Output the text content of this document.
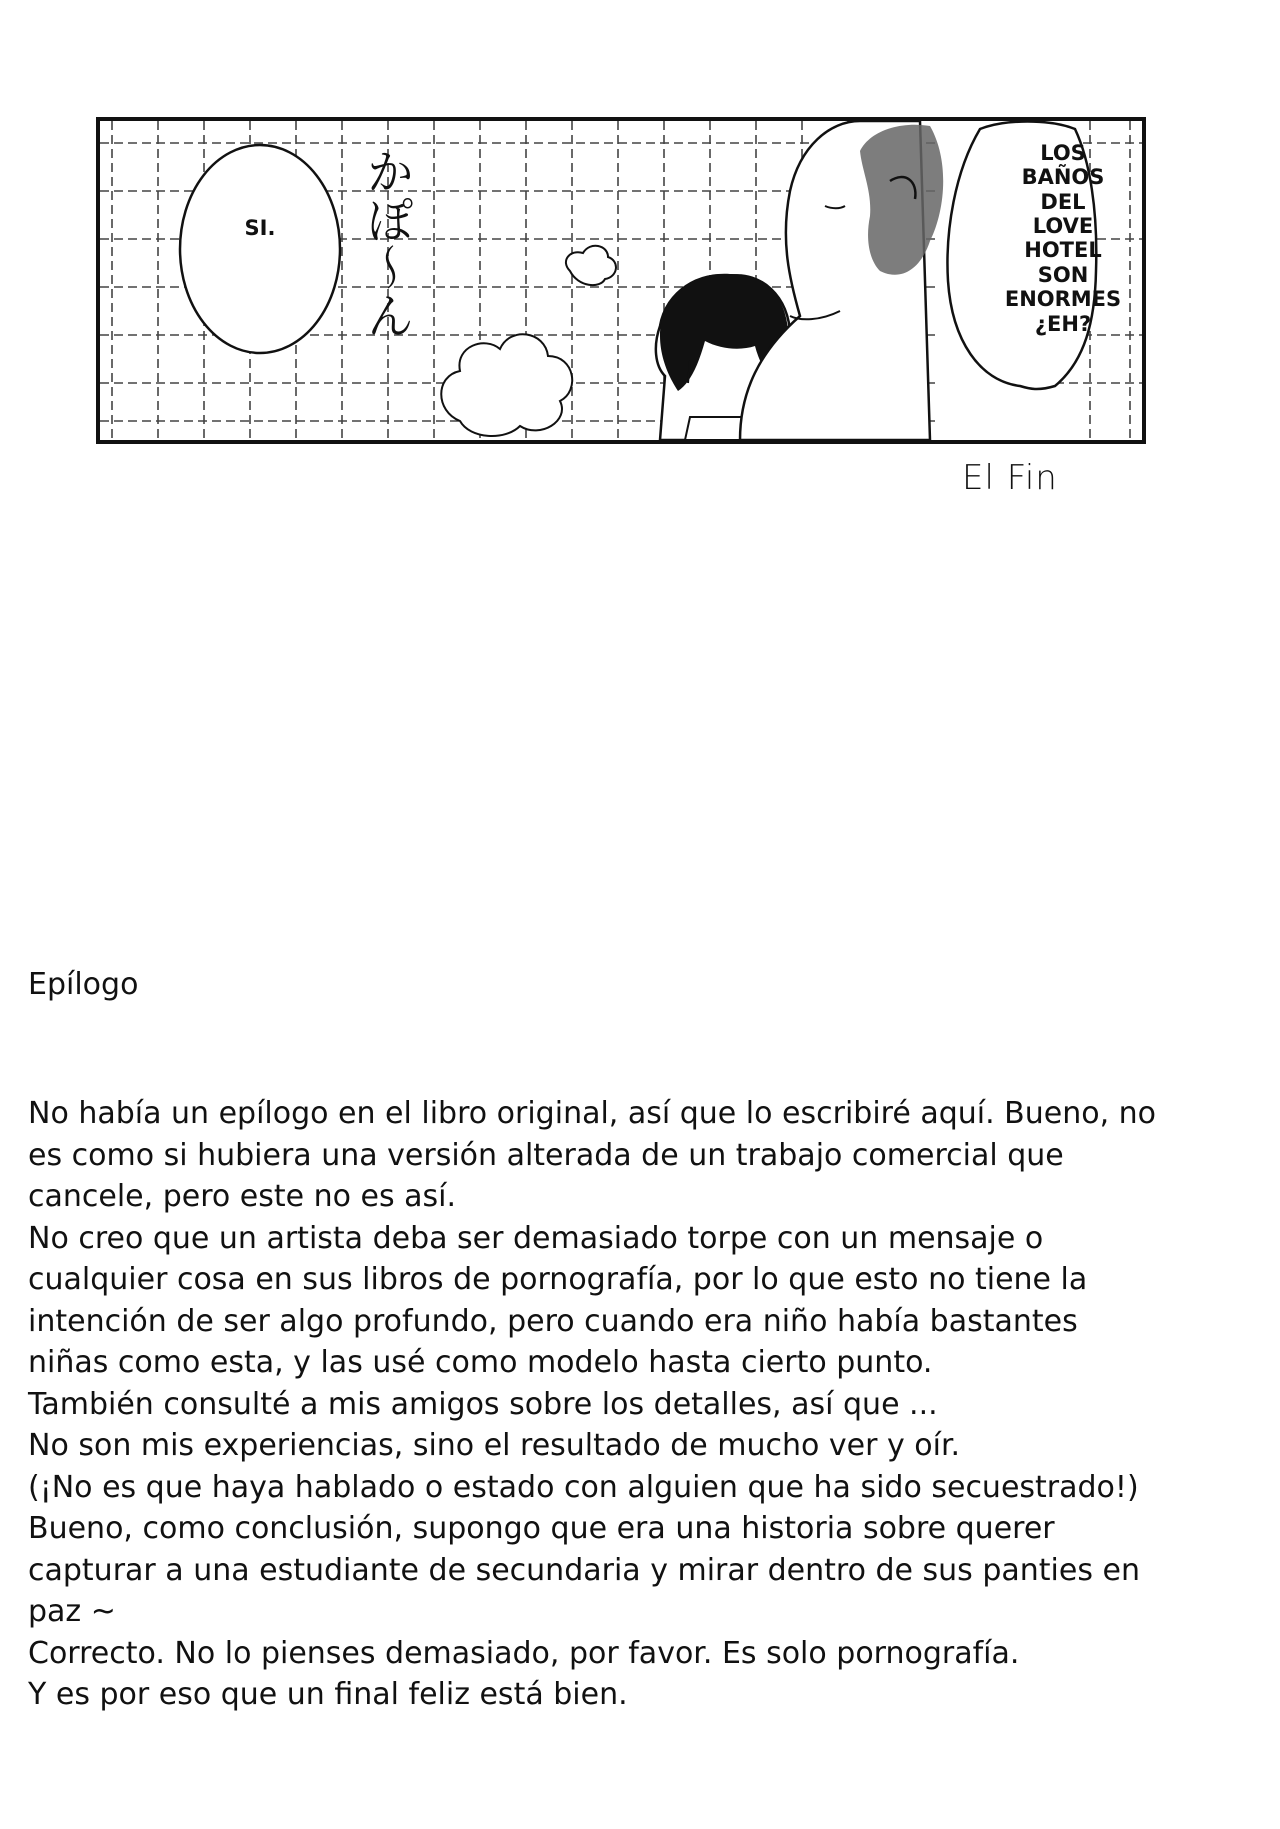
SI.	かぽ〜ん	LOS
BAÑOS
DEL
LOVE
HOTEL
SON
ENORMES
¿EH?
El Fin
Epílogo

No había un epílogo en el libro original, así que lo escribiré aquí. Bueno, no

es como si hubiera una versión alterada de un trabajo comercial que

cancele, pero este no es así.

No creo que un artista deba ser demasiado torpe con un mensaje o

cualquier cosa en sus libros de pornografía, por lo que esto no tiene la

intención de ser algo profundo, pero cuando era niño había bastantes

niñas como esta, y las usé como modelo hasta cierto punto.

También consulté a mis amigos sobre los detalles, así que ...

No son mis experiencias, sino el resultado de mucho ver y oír.

(¡No es que haya hablado o estado con alguien que ha sido secuestrado!)

Bueno, como conclusión, supongo que era una historia sobre querer

capturar a una estudiante de secundaria y mirar dentro de sus panties en

paz ~

Correcto. No lo pienses demasiado, por favor. Es solo pornografía.

Y es por eso que un final feliz está bien.
